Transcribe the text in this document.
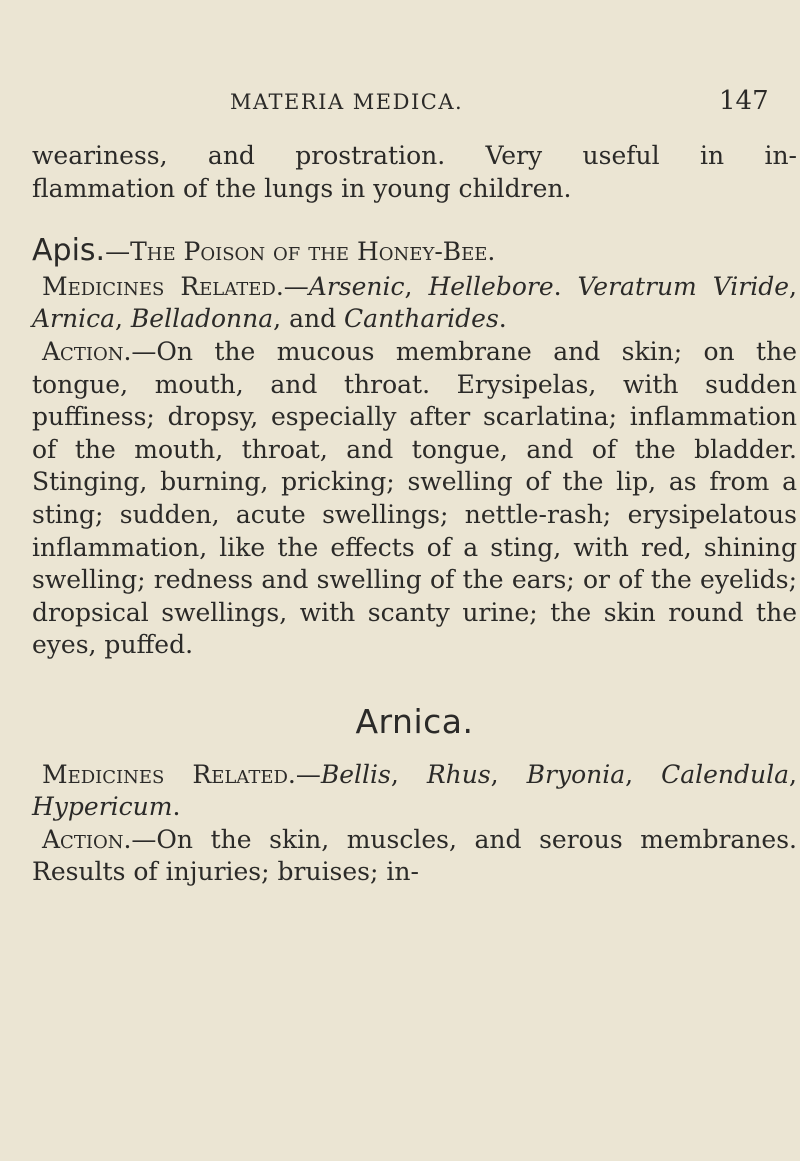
MATERIA MEDICA.	147

weariness, and prostration. Very useful in in-

flammation of the lungs in young children.

Apis.—The Poison of the Honey-Bee.

Medicines Related.—Arsenic, Hellebore. Veratrum Viride, Arnica, Belladonna, and Cantharides.

Action.—On the mucous membrane and skin; on the tongue, mouth, and throat. Erysipelas, with sudden puffiness; dropsy, especially after scarlatina; inflammation of the mouth, throat, and tongue, and of the bladder. Stinging, burning, pricking; swelling of the lip, as from a sting; sudden, acute swellings; nettle-rash; erysipelatous inflammation, like the effects of a sting, with red, shining swelling; redness and swelling of the ears; or of the eyelids; dropsical swellings, with scanty urine; the skin round the eyes, puffed.

Arnica.

Medicines Related.—Bellis, Rhus, Bryonia, Calendula, Hypericum.

Action.—On the skin, muscles, and serous membranes. Results of injuries; bruises; in-
